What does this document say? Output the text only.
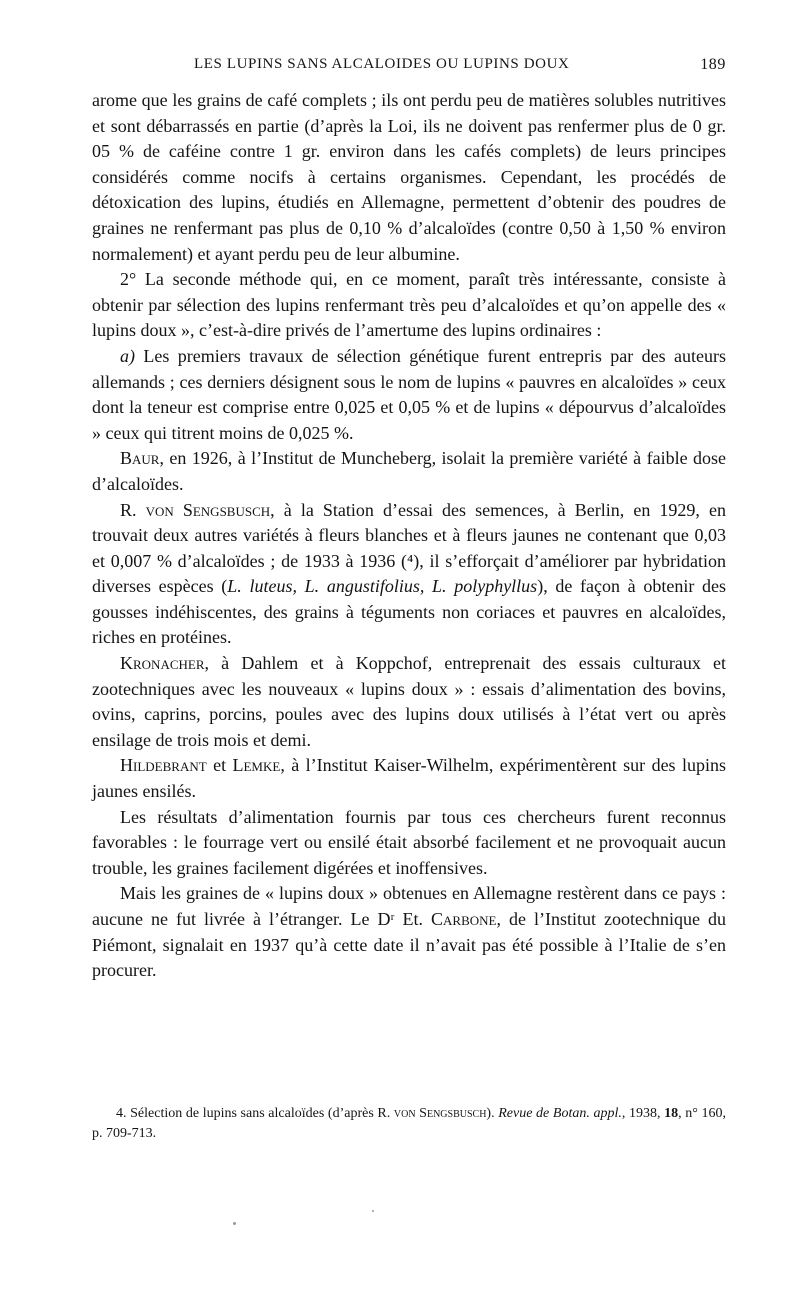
LES LUPINS SANS ALCALOIDES OU LUPINS DOUX	189

arome que les grains de café complets ; ils ont perdu peu de matières solubles nutritives et sont débarrassés en partie (d’après la Loi, ils ne doivent pas renfermer plus de 0 gr. 05 % de caféine contre 1 gr. environ dans les cafés complets) de leurs principes considérés comme nocifs à certains organismes. Cependant, les procédés de détoxication des lupins, étudiés en Allemagne, permettent d’obtenir des poudres de graines ne renfermant pas plus de 0,10 % d’alcaloïdes (contre 0,50 à 1,50 % environ normalement) et ayant perdu peu de leur albumine.

2° La seconde méthode qui, en ce moment, paraît très intéressante, consiste à obtenir par sélection des lupins renfermant très peu d’alcaloïdes et qu’on appelle des « lupins doux », c’est-à-dire privés de l’amertume des lupins ordinaires :

a) Les premiers travaux de sélection génétique furent entrepris par des auteurs allemands ; ces derniers désignent sous le nom de lupins « pauvres en alcaloïdes » ceux dont la teneur est comprise entre 0,025 et 0,05 % et de lupins « dépourvus d’alcaloïdes » ceux qui titrent moins de 0,025 %.

Baur, en 1926, à l’Institut de Muncheberg, isolait la première variété à faible dose d’alcaloïdes.

R. von Sengsbusch, à la Station d’essai des semences, à Berlin, en 1929, en trouvait deux autres variétés à fleurs blanches et à fleurs jaunes ne contenant que 0,03 et 0,007 % d’alcaloïdes ; de 1933 à 1936 (⁴), il s’efforçait d’améliorer par hybridation diverses espèces (L. luteus, L. angustifolius, L. polyphyllus), de façon à obtenir des gousses indéhiscentes, des grains à téguments non coriaces et pauvres en alcaloïdes, riches en protéines.

Kronacher, à Dahlem et à Koppchof, entreprenait des essais culturaux et zootechniques avec les nouveaux « lupins doux » : essais d’alimentation des bovins, ovins, caprins, porcins, poules avec des lupins doux utilisés à l’état vert ou après ensilage de trois mois et demi.

Hildebrant et Lemke, à l’Institut Kaiser-Wilhelm, expérimentèrent sur des lupins jaunes ensilés.

Les résultats d’alimentation fournis par tous ces chercheurs furent reconnus favorables : le fourrage vert ou ensilé était absorbé facilement et ne provoquait aucun trouble, les graines facilement digérées et inoffensives.

Mais les graines de « lupins doux » obtenues en Allemagne restèrent dans ce pays : aucune ne fut livrée à l’étranger. Le Dʳ Et. Carbone, de l’Institut zootechnique du Piémont, signalait en 1937 qu’à cette date il n’avait pas été possible à l’Italie de s’en procurer.

4. Sélection de lupins sans alcaloïdes (d’après R. von Sengsbusch). Revue de Botan. appl., 1938, 18, n° 160, p. 709-713.
